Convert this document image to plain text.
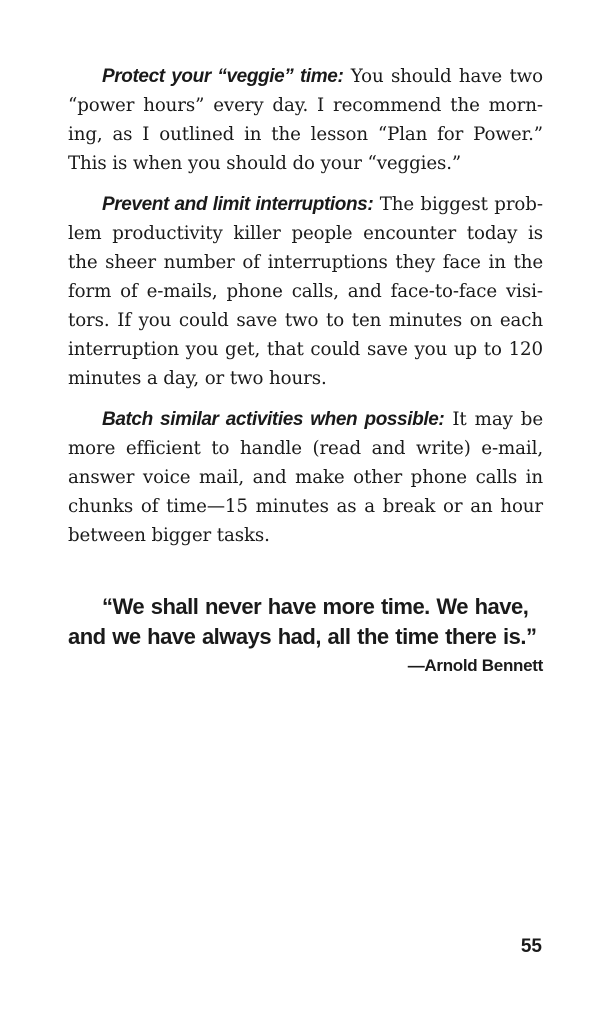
Protect your “veggie” time: You should have two “power hours” every day. I recommend the morning, as I outlined in the lesson “Plan for Power.” This is when you should do your “veggies.”

Prevent and limit interruptions: The biggest problem productivity killer people encounter today is the sheer number of interruptions they face in the form of e-mails, phone calls, and face-to-face visitors. If you could save two to ten minutes on each interruption you get, that could save you up to 120 minutes a day, or two hours.

Batch similar activities when possible: It may be more efficient to handle (read and write) e-mail, answer voice mail, and make other phone calls in chunks of time—15 minutes as a break or an hour between bigger tasks.

“We shall never have more time. We have, and we have always had, all the time there is.”

—Arnold Bennett

55
